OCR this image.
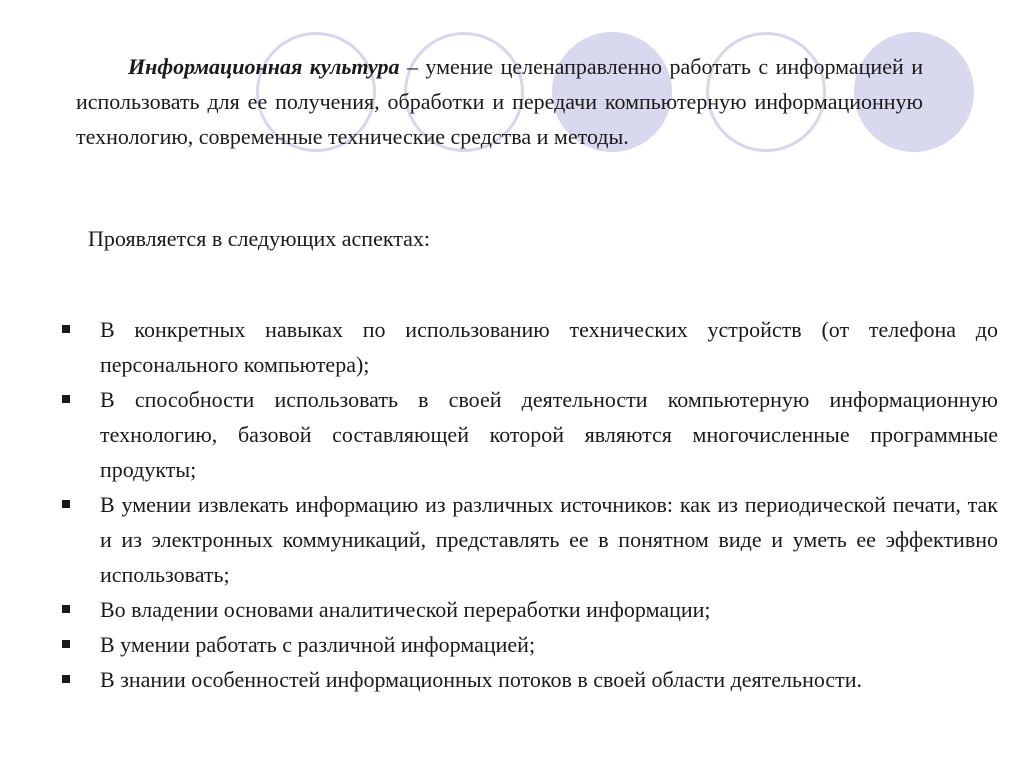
Информационная культура – умение целенаправленно работать с информацией и использовать для ее получения, обработки и передачи компьютерную информационную технологию, современные технические средства и методы.

Проявляется в следующих аспектах:

В конкретных навыках по использованию технических устройств (от телефона до персонального компьютера);
В способности использовать в своей деятельности компьютерную информационную технологию, базовой составляющей которой являются многочисленные программные продукты;
В умении извлекать информацию из различных источников: как из периодической печати, так и из электронных коммуникаций, представлять ее в понятном виде и уметь ее эффективно использовать;
Во владении основами аналитической переработки информации;
В умении работать с различной информацией;
В знании особенностей информационных потоков в своей области деятельности.
